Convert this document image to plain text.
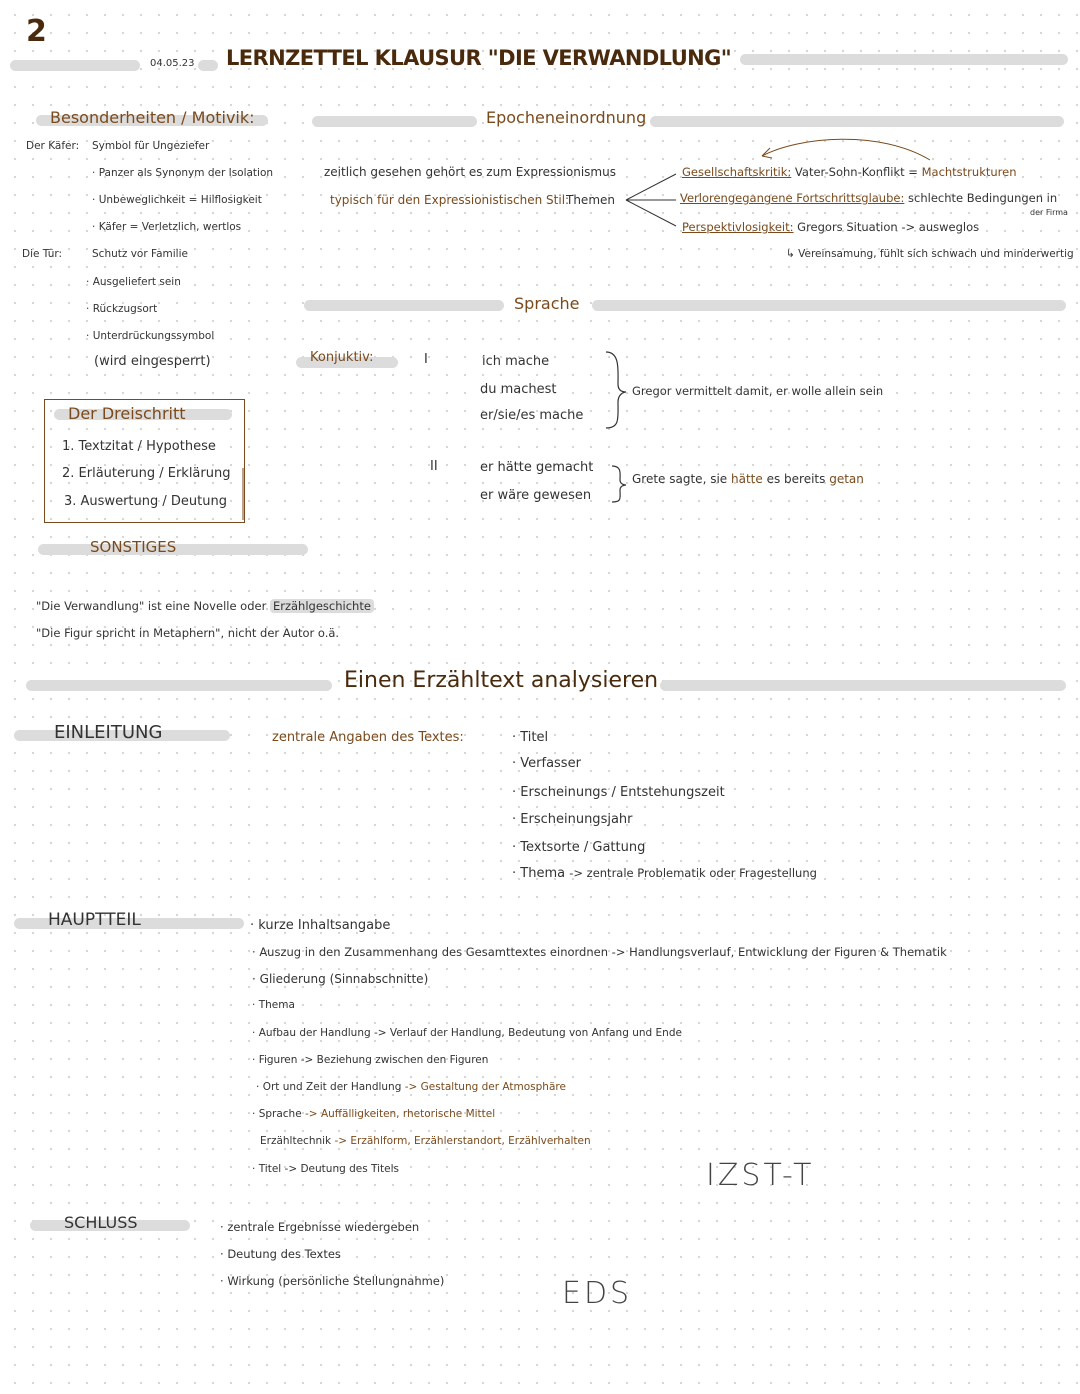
2
04.05.23 LERNZETTEL KLAUSUR "DIE VERWANDLUNG"
Besonderheiten / Motivik:
Der Käfer: Symbol für Ungeziefer
· Panzer als Synonym der Isolation
· Unbeweglichkeit = Hilflosigkeit
· Käfer = Verletzlich, wertlos
Die Tür:	Schutz vor Familie
· Ausgeliefert sein
· Rückzugsort
· Unterdrückungssymbol
(wird eingesperrt)
Epocheneinordnung
zeitlich gesehen gehört es zum Expressionismus
typisch für den Expressionistischen Stil:
Themen
Gesellschaftskritik: Vater-Sohn-Konflikt = Machtstrukturen
Verlorengegangene Fortschrittsglaube: schlechte Bedingungen in
der Firma
Perspektivlosigkeit: Gregors Situation -> ausweglos
↳ Vereinsamung, fühlt sich schwach und minderwertig
Sprache
Konjuktiv:	I	ich mache
du machest
er/sie/es mache
Gregor vermittelt damit, er wolle allein sein
II	er hätte gemacht
er wäre gewesen
Grete sagte, sie hätte es bereits getan
Der Dreischritt
1. Textzitat / Hypothese
2. Erläuterung / Erklärung
3. Auswertung / Deutung
SONSTIGES
"Die Verwandlung" ist eine Novelle oder Erzählgeschichte
"Die Figur spricht in Metaphern", nicht der Autor o.ä.
Einen Erzähltext analysieren
EINLEITUNG	zentrale Angaben des Textes:	· Titel
· Verfasser
· Erscheinungs / Entstehungszeit
· Erscheinungsjahr
· Textsorte / Gattung
· Thema -> zentrale Problematik oder Fragestellung
HAUPTTEIL	· kurze Inhaltsangabe
· Auszug in den Zusammenhang des Gesamttextes einordnen -> Handlungsverlauf, Entwicklung der Figuren & Thematik
· Gliederung (Sinnabschnitte)
· Thema
· Aufbau der Handlung -> Verlauf der Handlung, Bedeutung von Anfang und Ende
· Figuren -> Beziehung zwischen den Figuren
· Ort und Zeit der Handlung -> Gestaltung der Atmosphäre
· Sprache -> Auffälligkeiten, rhetorische Mittel
Erzähltechnik -> Erzählform, Erzählerstandort, Erzählverhalten
· Titel -> Deutung des Titels	IZST-T
SCHLUSS	· zentrale Ergebnisse wiedergeben
· Deutung des Textes
· Wirkung (persönliche Stellungnahme)	EDS
